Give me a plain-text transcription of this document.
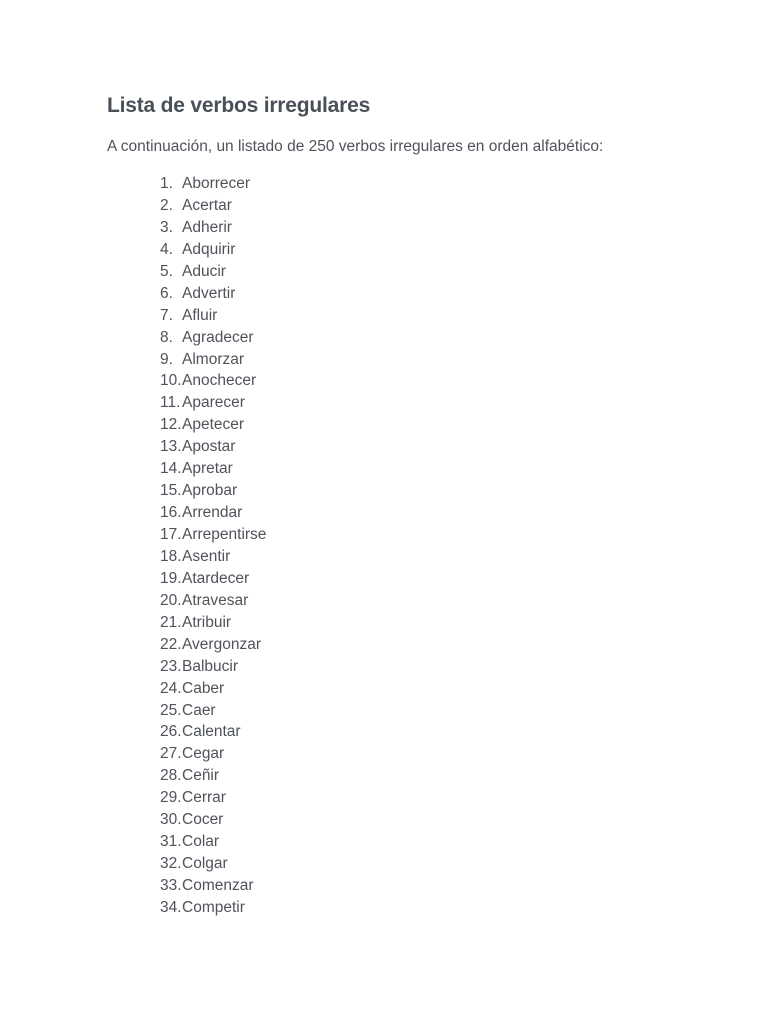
Lista de verbos irregulares

A continuación, un listado de 250 verbos irregulares en orden alfabético:

1. Aborrecer
2. Acertar
3. Adherir
4. Adquirir
5. Aducir
6. Advertir
7. Afluir
8. Agradecer
9. Almorzar
10. Anochecer
11. Aparecer
12. Apetecer
13. Apostar
14. Apretar
15. Aprobar
16. Arrendar
17. Arrepentirse
18. Asentir
19. Atardecer
20. Atravesar
21. Atribuir
22. Avergonzar
23. Balbucir
24. Caber
25. Caer
26. Calentar
27. Cegar
28. Ceñir
29. Cerrar
30. Cocer
31. Colar
32. Colgar
33. Comenzar
34. Competir
